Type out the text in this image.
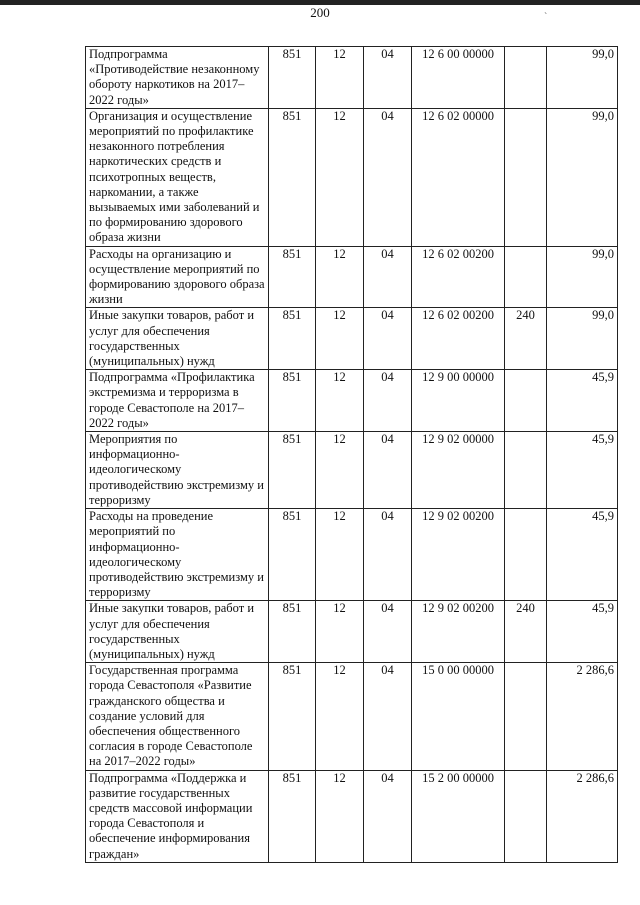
200	`
Подпрограмма «Противодействие незаконному обороту наркотиков на 2017–2022 годы»	851	12	04	12 6 00 00000		99,0
Организация и осуществление мероприятий по профилактике незаконного потребления наркотических средств и психотропных веществ, наркомании, а также вызываемых ими заболеваний и по формированию здорового образа жизни	851	12	04	12 6 02 00000		99,0
Расходы на организацию и осуществление мероприятий по формированию здорового образа жизни	851	12	04	12 6 02 00200		99,0
Иные закупки товаров, работ и услуг для обеспечения государственных (муниципальных) нужд	851	12	04	12 6 02 00200	240	99,0
Подпрограмма «Профилактика экстремизма и терроризма в городе Севастополе на 2017–2022 годы»	851	12	04	12 9 00 00000		45,9
Мероприятия по информационно-идеологическому противодействию экстремизму и терроризму	851	12	04	12 9 02 00000		45,9
Расходы на проведение мероприятий по информационно-идеологическому противодействию экстремизму и терроризму	851	12	04	12 9 02 00200		45,9
Иные закупки товаров, работ и услуг для обеспечения государственных (муниципальных) нужд	851	12	04	12 9 02 00200	240	45,9
Государственная программа города Севастополя «Развитие гражданского общества и создание условий для обеспечения общественного согласия в городе Севастополе на 2017–2022 годы»	851	12	04	15 0 00 00000		2 286,6
Подпрограмма «Поддержка и развитие государственных средств массовой информации города Севастополя и обеспечение информирования граждан»	851	12	04	15 2 00 00000		2 286,6
